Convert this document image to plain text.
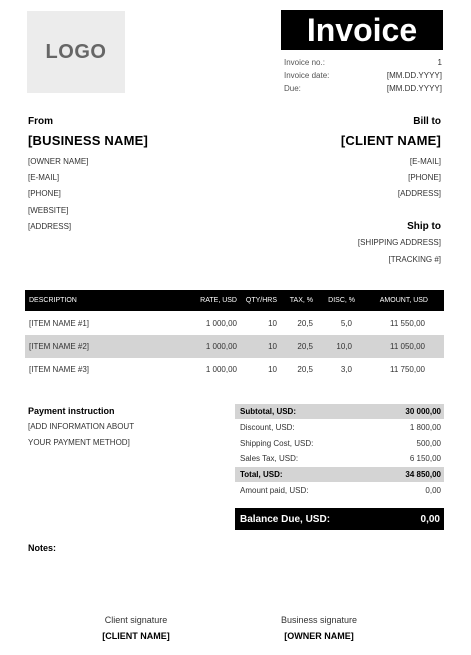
LOGO
Invoice
Invoice no.:	1
Invoice date:	[MM.DD.YYYY]
Due:	[MM.DD.YYYY]
From
[BUSINESS NAME]
[OWNER NAME]
[E-MAIL]
[PHONE]
[WEBSITE]
[ADDRESS]
Bill to
[CLIENT NAME]
[E-MAIL]
[PHONE]
[ADDRESS]
Ship to
[SHIPPING ADDRESS]
[TRACKING #]
DESCRIPTION	RATE, USD	QTY/HRS	TAX, %	DISC, %	AMOUNT, USD
[ITEM NAME #1]	1 000,00	10	20,5	5,0	11 550,00
[ITEM NAME #2]	1 000,00	10	20,5	10,0	11 050,00
[ITEM NAME #3]	1 000,00	10	20,5	3,0	11 750,00
Payment instruction
[ADD INFORMATION ABOUT
YOUR PAYMENT METHOD]
Subtotal, USD:	30 000,00
Discount, USD:	1 800,00
Shipping Cost, USD:	500,00
Sales Tax, USD:	6 150,00
Total, USD:	34 850,00
Amount paid, USD:	0,00
Balance Due, USD:	0,00
Notes:
Client signature
[CLIENT NAME]
Business signature
[OWNER NAME]
